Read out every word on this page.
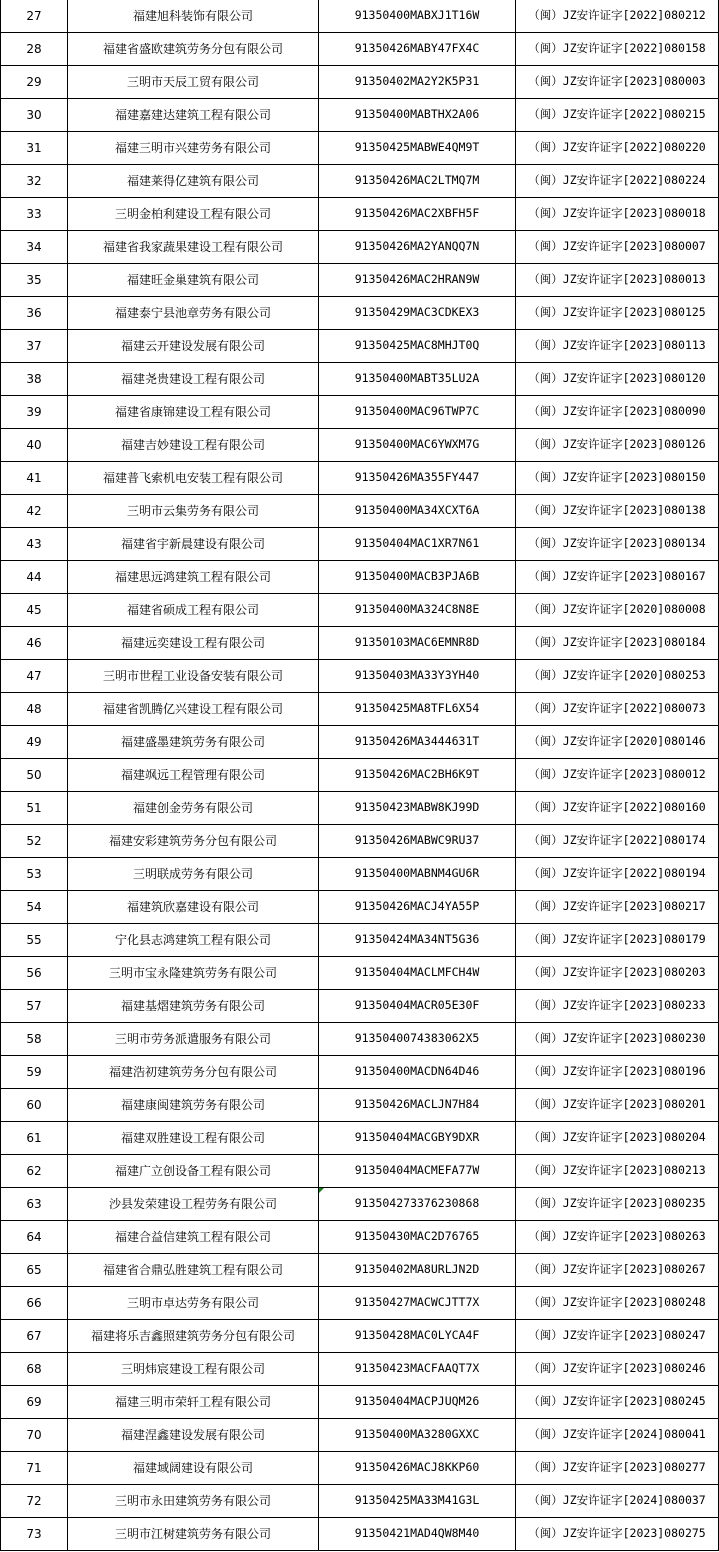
27	福建旭科装饰有限公司	91350400MABXJ1T16W	（闽）JZ安许证字[2022]080212
28	福建省盛欧建筑劳务分包有限公司	91350426MABY47FX4C	（闽）JZ安许证字[2022]080158
29	三明市天辰工贸有限公司	91350402MA2Y2K5P31	（闽）JZ安许证字[2023]080003
30	福建嘉建达建筑工程有限公司	91350400MABTHX2A06	（闽）JZ安许证字[2022]080215
31	福建三明市兴建劳务有限公司	91350425MABWE4QM9T	（闽）JZ安许证字[2022]080220
32	福建莱得亿建筑有限公司	91350426MAC2LTMQ7M	（闽）JZ安许证字[2022]080224
33	三明金柏利建设工程有限公司	91350426MAC2XBFH5F	（闽）JZ安许证字[2023]080018
34	福建省我家蔬果建设工程有限公司	91350426MA2YANQQ7N	（闽）JZ安许证字[2023]080007
35	福建旺金巢建筑有限公司	91350426MAC2HRAN9W	（闽）JZ安许证字[2023]080013
36	福建泰宁县池章劳务有限公司	91350429MAC3CDKEX3	（闽）JZ安许证字[2023]080125
37	福建云开建设发展有限公司	91350425MAC8MHJT0Q	（闽）JZ安许证字[2023]080113
38	福建尧贵建设工程有限公司	91350400MABT35LU2A	（闽）JZ安许证字[2023]080120
39	福建省康锦建设工程有限公司	91350400MAC96TWP7C	（闽）JZ安许证字[2023]080090
40	福建吉妙建设工程有限公司	91350400MAC6YWXM7G	（闽）JZ安许证字[2023]080126
41	福建普飞索机电安装工程有限公司	91350426MA355FY447	（闽）JZ安许证字[2023]080150
42	三明市云集劳务有限公司	91350400MA34XCXT6A	（闽）JZ安许证字[2023]080138
43	福建省宇新晨建设有限公司	91350404MAC1XR7N61	（闽）JZ安许证字[2023]080134
44	福建思远鸿建筑工程有限公司	91350400MACB3PJA6B	（闽）JZ安许证字[2023]080167
45	福建省硕成工程有限公司	91350400MA324C8N8E	（闽）JZ安许证字[2020]080008
46	福建远奕建设工程有限公司	91350103MAC6EMNR8D	（闽）JZ安许证字[2023]080184
47	三明市世程工业设备安装有限公司	91350403MA33Y3YH40	（闽）JZ安许证字[2020]080253
48	福建省凯腾亿兴建设工程有限公司	91350425MA8TFL6X54	（闽）JZ安许证字[2022]080073
49	福建盛墨建筑劳务有限公司	91350426MA3444631T	（闽）JZ安许证字[2020]080146
50	福建飒远工程管理有限公司	91350426MAC2BH6K9T	（闽）JZ安许证字[2023]080012
51	福建创金劳务有限公司	91350423MABW8KJ99D	（闽）JZ安许证字[2022]080160
52	福建安彩建筑劳务分包有限公司	91350426MABWC9RU37	（闽）JZ安许证字[2022]080174
53	三明联成劳务有限公司	91350400MABNM4GU6R	（闽）JZ安许证字[2022]080194
54	福建筑欣嘉建设有限公司	91350426MACJ4YA55P	（闽）JZ安许证字[2023]080217
55	宁化县志鸿建筑工程有限公司	91350424MA34NT5G36	（闽）JZ安许证字[2023]080179
56	三明市宝永隆建筑劳务有限公司	91350404MACLMFCH4W	（闽）JZ安许证字[2023]080203
57	福建基熠建筑劳务有限公司	91350404MACR05E30F	（闽）JZ安许证字[2023]080233
58	三明市劳务派遣服务有限公司	9135040074383062X5	（闽）JZ安许证字[2023]080230
59	福建浩初建筑劳务分包有限公司	91350400MACDN64D46	（闽）JZ安许证字[2023]080196
60	福建康闽建筑劳务有限公司	91350426MACLJN7H84	（闽）JZ安许证字[2023]080201
61	福建双胜建设工程有限公司	91350404MACGBY9DXR	（闽）JZ安许证字[2023]080204
62	福建广立创设备工程有限公司	91350404MACMEFA77W	（闽）JZ安许证字[2023]080213
63	沙县发荣建设工程劳务有限公司	913504273376230868	（闽）JZ安许证字[2023]080235
64	福建合益信建筑工程有限公司	91350430MAC2D76765	（闽）JZ安许证字[2023]080263
65	福建省合鼎弘胜建筑工程有限公司	91350402MA8URLJN2D	（闽）JZ安许证字[2023]080267
66	三明市卓达劳务有限公司	91350427MACWCJTT7X	（闽）JZ安许证字[2023]080248
67	福建将乐吉鑫照建筑劳务分包有限公司	91350428MAC0LYCA4F	（闽）JZ安许证字[2023]080247
68	三明炜宸建设工程有限公司	91350423MACFAAQT7X	（闽）JZ安许证字[2023]080246
69	福建三明市荣轩工程有限公司	91350404MACPJUQM26	（闽）JZ安许证字[2023]080245
70	福建涅鑫建设发展有限公司	91350400MA3280GXXC	（闽）JZ安许证字[2024]080041
71	福建域阔建设有限公司	91350426MACJ8KKP60	（闽）JZ安许证字[2023]080277
72	三明市永田建筑劳务有限公司	91350425MA33M41G3L	（闽）JZ安许证字[2024]080037
73	三明市江树建筑劳务有限公司	91350421MAD4QW8M40	（闽）JZ安许证字[2023]080275
